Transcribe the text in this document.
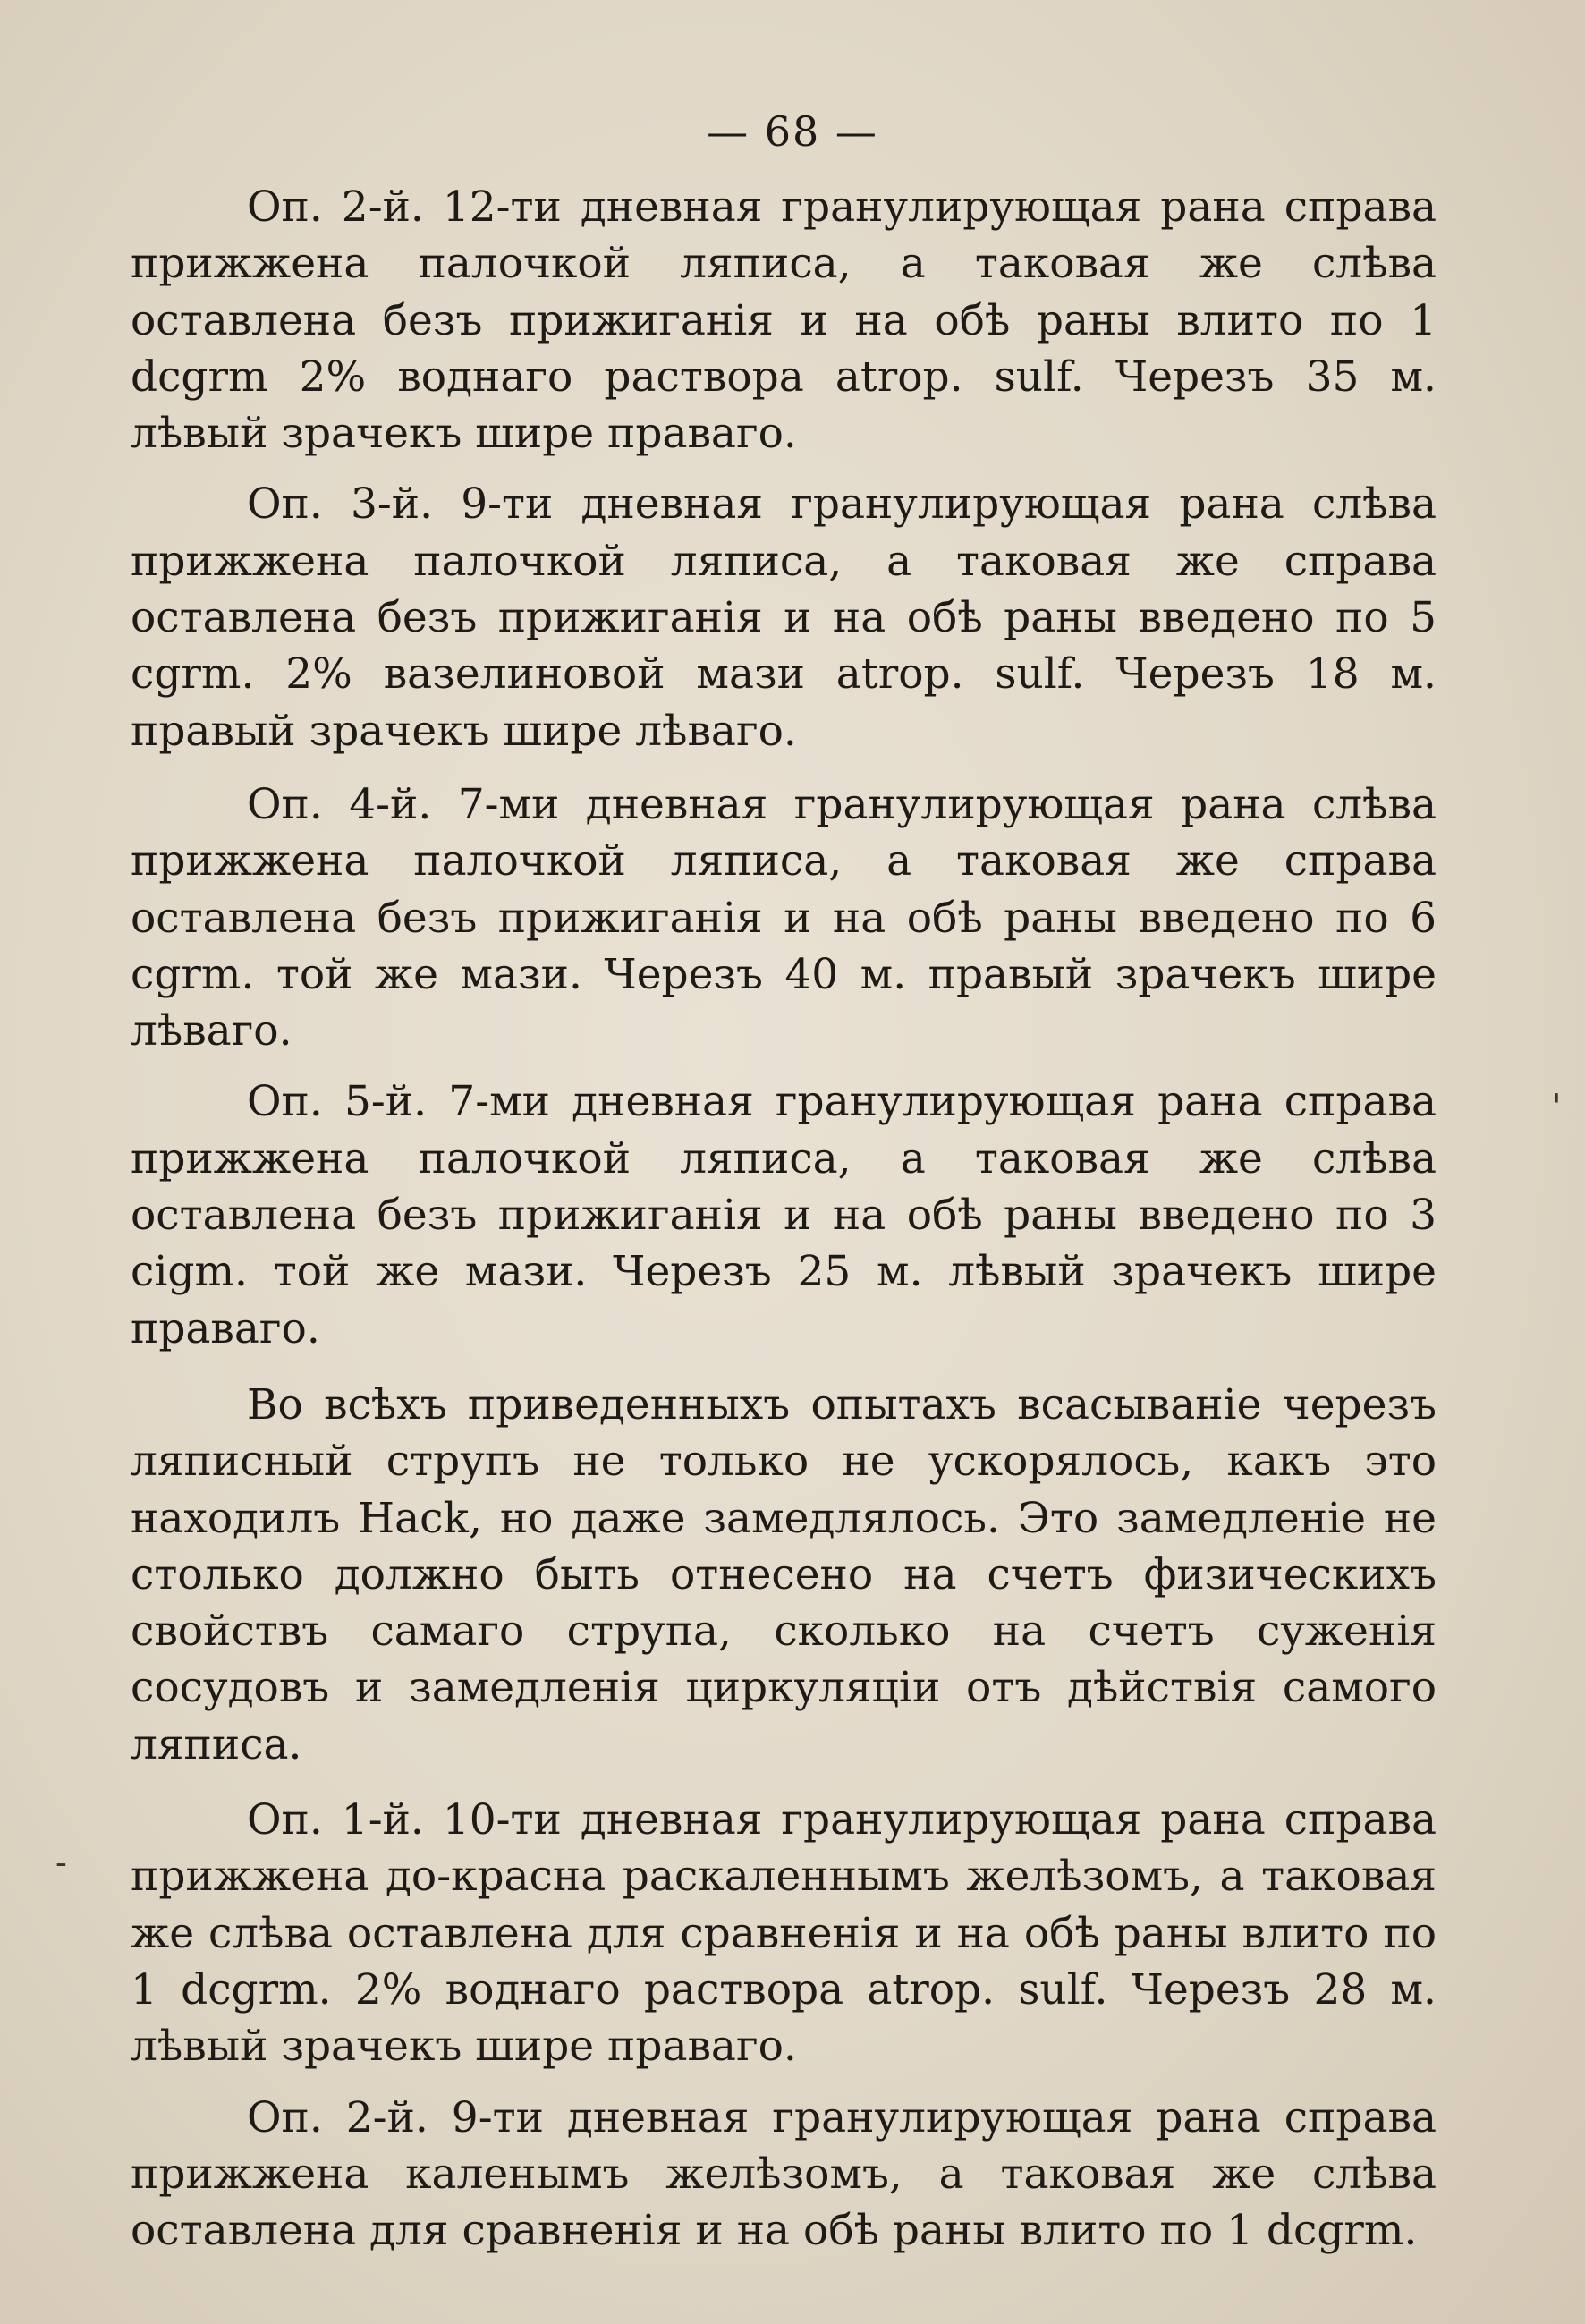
— 68 —

Оп. 2-й. 12-ти дневная гранулирующая рана справа прижжена палочкой ляписа, а таковая же слѣва оставлена безъ прижиганія и на обѣ раны влито по 1 dcgrm 2% воднаго раствора atrop. sulf. Черезъ 35 м. лѣвый зрачекъ шире праваго.

Оп. 3-й. 9-ти дневная гранулирующая рана слѣва прижжена палочкой ляписа, а таковая же справа оставлена безъ прижиганія и на обѣ раны введено по 5 cgrm. 2% вазелиновой мази atrop. sulf. Черезъ 18 м. правый зрачекъ шире лѣваго.

Оп. 4-й. 7-ми дневная гранулирующая рана слѣва прижжена палочкой ляписа, а таковая же справа оставлена безъ прижиганія и на обѣ раны введено по 6 cgrm. той же мази. Черезъ 40 м. правый зрачекъ шире лѣваго.

Оп. 5-й. 7-ми дневная гранулирующая рана справа прижжена палочкой ляписа, а таковая же слѣва оставлена безъ прижиганія и на обѣ раны введено по 3 cigm. той же мази. Черезъ 25 м. лѣвый зрачекъ шире праваго.

Во всѣхъ приведенныхъ опытахъ всасываніе черезъ ляписный струпъ не только не ускорялось, какъ это находилъ Hack, но даже замедлялось. Это замедленіе не столько должно быть отнесено на счетъ физическихъ свойствъ самаго струпа, сколько на счетъ суженія сосудовъ и замедленія циркуляціи отъ дѣйствія самого ляписа.

Оп. 1-й. 10-ти дневная гранулирующая рана справа прижжена до-красна раскаленнымъ желѣзомъ, а таковая же слѣва оставлена для сравненія и на обѣ раны влито по 1 dcgrm. 2% воднаго раствора atrop. sulf. Черезъ 28 м. лѣвый зрачекъ шире праваго.

Оп. 2-й. 9-ти дневная гранулирующая рана справа прижжена каленымъ желѣзомъ, а таковая же слѣва оставлена для сравненія и на обѣ раны влито по 1 dcgrm.

'
-
